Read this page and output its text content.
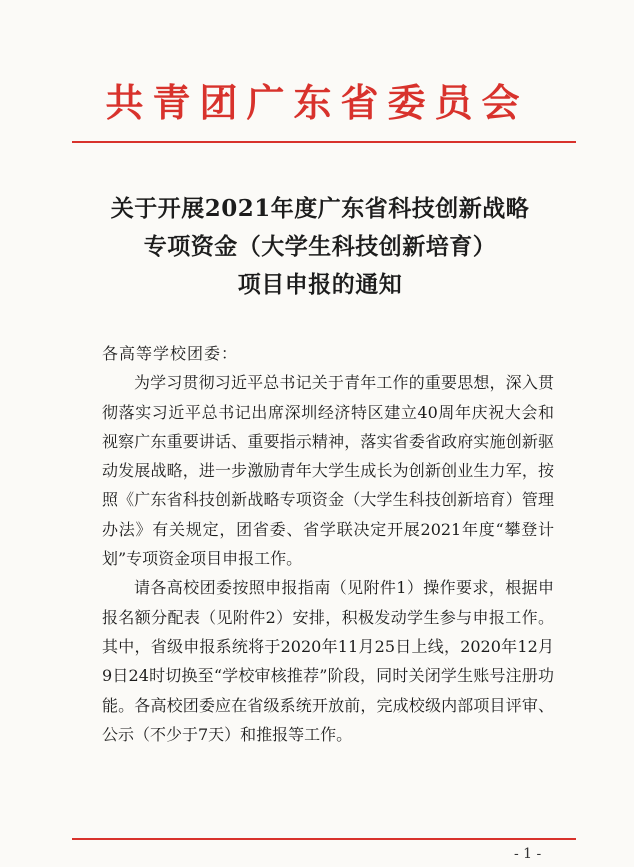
共青团广东省委员会
关于开展2021年度广东省科技创新战略
专项资金（大学生科技创新培育）
项目申报的通知

各高等学校团委：

为学习贯彻习近平总书记关于青年工作的重要思想，深入贯彻落实习近平总书记出席深圳经济特区建立40周年庆祝大会和视察广东重要讲话、重要指示精神，落实省委省政府实施创新驱动发展战略，进一步激励青年大学生成长为创新创业生力军，按照《广东省科技创新战略专项资金（大学生科技创新培育）管理办法》有关规定，团省委、省学联决定开展2021年度“攀登计划”专项资金项目申报工作。

请各高校团委按照申报指南（见附件1）操作要求，根据申报名额分配表（见附件2）安排，积极发动学生参与申报工作。其中，省级申报系统将于2020年11月25日上线，2020年12月9日24时切换至“学校审核推荐”阶段，同时关闭学生账号注册功能。各高校团委应在省级系统开放前，完成校级内部项目评审、公示（不少于7天）和推报等工作。

- 1 -
